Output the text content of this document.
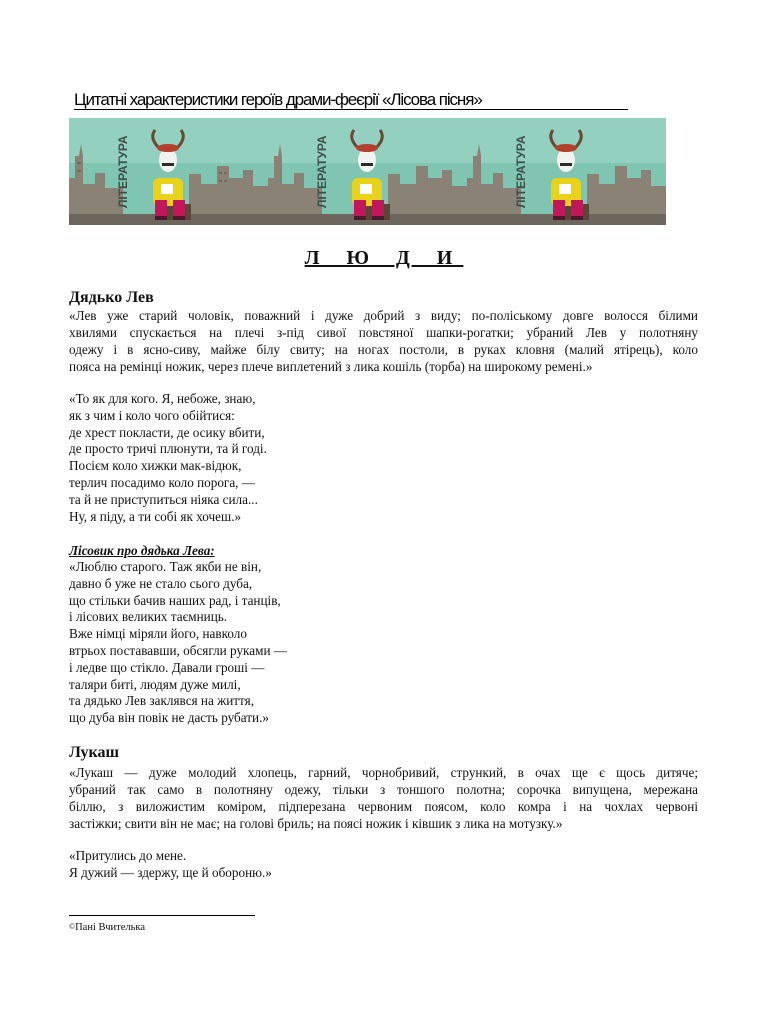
Цитатні характеристики героїв драми-феєрії «Лісова пісня»
ЛІТЕРАТУРА	ЛІТЕРАТУРА	ЛІТЕРАТУРА
Л Ю Д И
Дядько Лев
«Лев уже старий чоловік, поважний і дуже добрий з виду; по-поліському довге волосся білими
хвилями спускається на плечі з-під сивої повстяної шапки-рогатки; убраний Лев у полотняну
одежу і в ясно-сиву, майже білу свиту; на ногах постоли, в руках кловня (малий ятірець), коло
пояса на ремінці ножик, через плече виплетений з лика кошіль (торба) на широкому ремені.»
«То як для кого. Я, небоже, знаю,
як з чим і коло чого обійтися:
де хрест покласти, де осику вбити,
де просто тричі плюнути, та й годі.
Посієм коло хижки мак-відюк,
терлич посадимо коло порога, —
та й не приступиться ніяка сила...
Ну, я піду, а ти собі як хочеш.»
Лісовик про дядька Лева:
«Люблю старого. Таж якби не він,
давно б уже не стало сього дуба,
що стільки бачив наших рад, і танців,
і лісових великих таємниць.
Вже німці міряли його, навколо
втрьох постававши, обсягли руками —
і ледве що стікло. Давали гроші —
таляри биті, людям дуже милі,
та дядько Лев заклявся на життя,
що дуба він повік не дасть рубати.»
Лукаш
«Лукаш — дуже молодий хлопець, гарний, чорнобривий, стрункий, в очах ще є щось дитяче;
убраний так само в полотняну одежу, тільки з тоншого полотна; сорочка випущена, мережана
біллю, з виложистим комiром, підперезана червоним поясом, коло комра і на чохлах червоні
застіжки; свити він не має; на голові бриль; на поясі ножик і ківшик з лика на мотузку.»
«Притулись до мене.
Я дужий — здержу, ще й обороню.»
©Пані Вчителька
